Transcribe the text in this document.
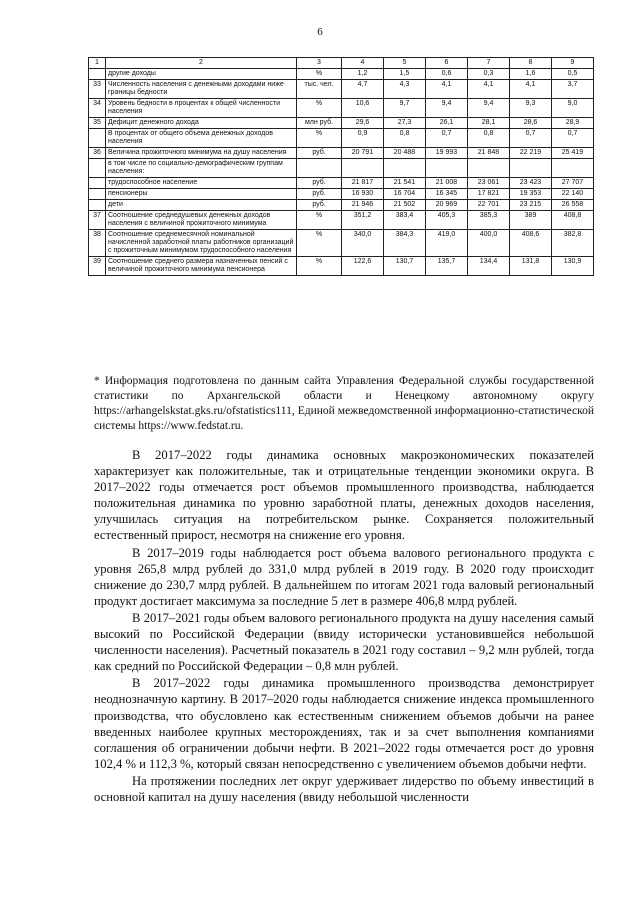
6
1	2	3	4	5	6	7	8	9
	другие доходы	%	1,2	1,5	0,6	0,3	1,6	0,5
33	Численность населения с денежными доходами ниже границы бедности	тыс. чел.	4,7	4,3	4,1	4,1	4,1	3,7
34	Уровень бедности в процентах к общей численности населения	%	10,6	9,7	9,4	9,4	9,3	9,0
35	Дефицит денежного дохода	млн руб.	29,6	27,3	26,1	28,1	28,6	28,9
	В процентах от общего объема денежных доходов населения	%	0,9	0,8	0,7	0,8	0,7	0,7
36	Величина прожиточного минимума на душу населения	руб.	20 791	20 488	19 993	21 848	22 219	25 419
	в том числе по социально-демографическим группам населения:							
	трудоспособное население	руб.	21 817	21 541	21 008	23 061	23 423	27 707
	пенсионеры	руб.	16 930	16 704	16 345	17 821	19 353	22 140
	дети	руб.	21 946	21 502	20 969	22 701	23 215	26 558
37	Соотношение среднедушевых денежных доходов населения с величиной прожиточного минимума	%	351,2	383,4	405,3	385,3	389	408,8
38	Соотношение среднемесячной номинальной начисленной заработной платы работников организаций с прожиточным минимумом трудоспособного населения	%	340,0	384,3	419,0	400,0	408,6	382,8
39	Соотношение среднего размера назначенных пенсий с величиной прожиточного минимума пенсионера	%	122,6	130,7	135,7	134,4	131,8	130,9
* Информация подготовлена по данным сайта Управления Федеральной службы государственной статистики по Архангельской области и Ненецкому автономному округу https://arhangelskstat.gks.ru/ofstatistics111, Единой межведомственной информационно-статистической системы https://www.fedstat.ru.

В 2017–2022 годы динамика основных макроэкономических показателей характеризует как положительные, так и отрицательные тенденции экономики округа. В 2017–2022 годы отмечается рост объемов промышленного производства, наблюдается положительная динамика по уровню заработной платы, денежных доходов населения, улучшилась ситуация на потребительском рынке. Сохраняется положительный естественный прирост, несмотря на снижение его уровня.

В 2017–2019 годы наблюдается рост объема валового регионального продукта с уровня 265,8 млрд рублей до 331,0 млрд рублей в 2019 году. В 2020 году происходит снижение до 230,7 млрд рублей. В дальнейшем по итогам 2021 года валовый региональный продукт достигает максимума за последние 5 лет в размере 406,8 млрд рублей.

В 2017–2021 годы объем валового регионального продукта на душу населения самый высокий по Российской Федерации (ввиду исторически установившейся небольшой численности населения). Расчетный показатель в 2021 году составил – 9,2 млн рублей, тогда как средний по Российской Федерации – 0,8 млн рублей.

В 2017–2022 годы динамика промышленного производства демонстрирует неоднозначную картину. В 2017–2020 годы наблюдается снижение индекса промышленного производства, что обусловлено как естественным снижением объемов добычи на ранее введенных наиболее крупных месторождениях, так и за счет выполнения компаниями соглашения об ограничении добычи нефти. В 2021–2022 годы отмечается рост до уровня 102,4 % и 112,3 %, который связан непосредственно с увеличением объемов добычи нефти.

На протяжении последних лет округ удерживает лидерство по объему инвестиций в основной капитал на душу населения (ввиду небольшой численности
